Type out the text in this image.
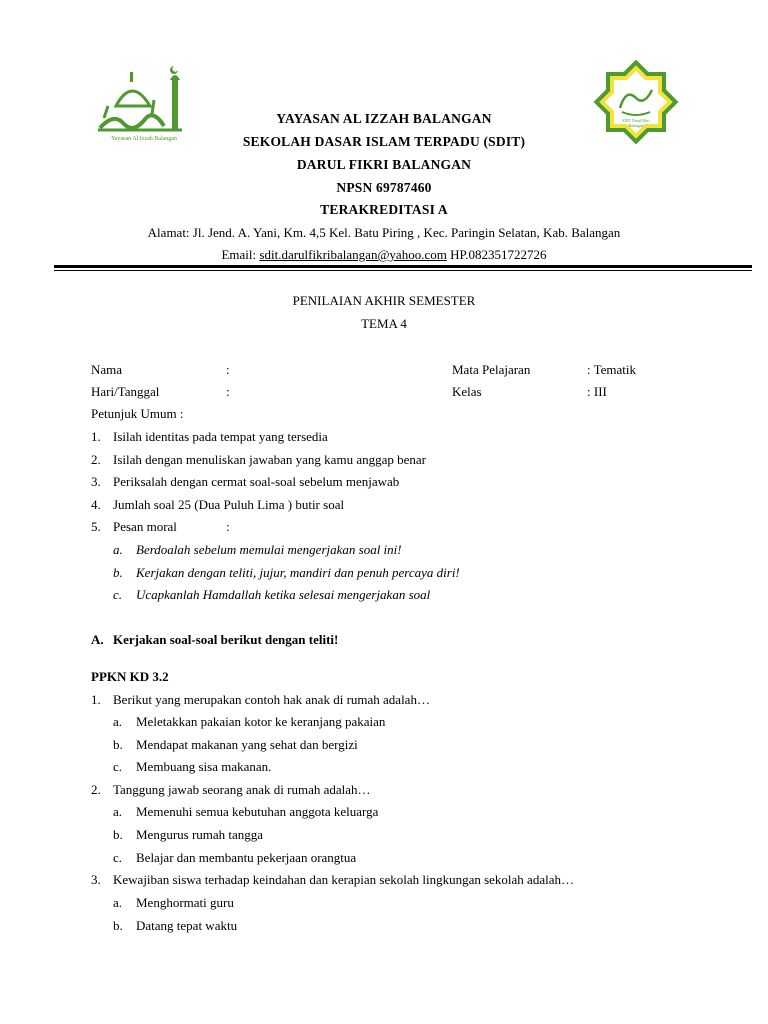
Yayasan Al Izzah Balangan
SDIT Darul Fikri
Balangan
YAYASAN AL IZZAH BALANGAN
SEKOLAH DASAR ISLAM TERPADU (SDIT)
DARUL FIKRI BALANGAN
NPSN 69787460
TERAKREDITASI A
Alamat: Jl. Jend. A. Yani, Km. 4,5 Kel. Batu Piring , Kec. Paringin Selatan, Kab. Balangan
Email: sdit.darulfikribalangan@yahoo.com HP.082351722726
PENILAIAN AKHIR SEMESTER
TEMA 4
Nama	:	Mata Pelajaran	: Tematik
Hari/Tanggal	:	Kelas	: III
Petunjuk Umum :
1. Isilah identitas pada tempat yang tersedia
2. Isilah dengan menuliskan jawaban yang kamu anggap benar
3. Periksalah dengan cermat soal-soal sebelum menjawab
4. Jumlah soal 25 (Dua Puluh Lima ) butir soal
5. Pesan moral	:
a. Berdoalah sebelum memulai mengerjakan soal ini!
b. Kerjakan dengan teliti, jujur, mandiri dan penuh percaya diri!
c. Ucapkanlah Hamdallah ketika selesai mengerjakan soal
A. Kerjakan soal-soal berikut dengan teliti!
PPKN KD 3.2
1. Berikut yang merupakan contoh hak anak di rumah adalah…
a. Meletakkan pakaian kotor ke keranjang pakaian
b. Mendapat makanan yang sehat dan bergizi
c. Membuang sisa makanan.
2. Tanggung jawab seorang anak di rumah adalah…
a. Memenuhi semua kebutuhan anggota keluarga
b. Mengurus rumah tangga
c. Belajar dan membantu pekerjaan orangtua
3. Kewajiban siswa terhadap keindahan dan kerapian sekolah lingkungan sekolah adalah…
a. Menghormati guru
b. Datang tepat waktu
